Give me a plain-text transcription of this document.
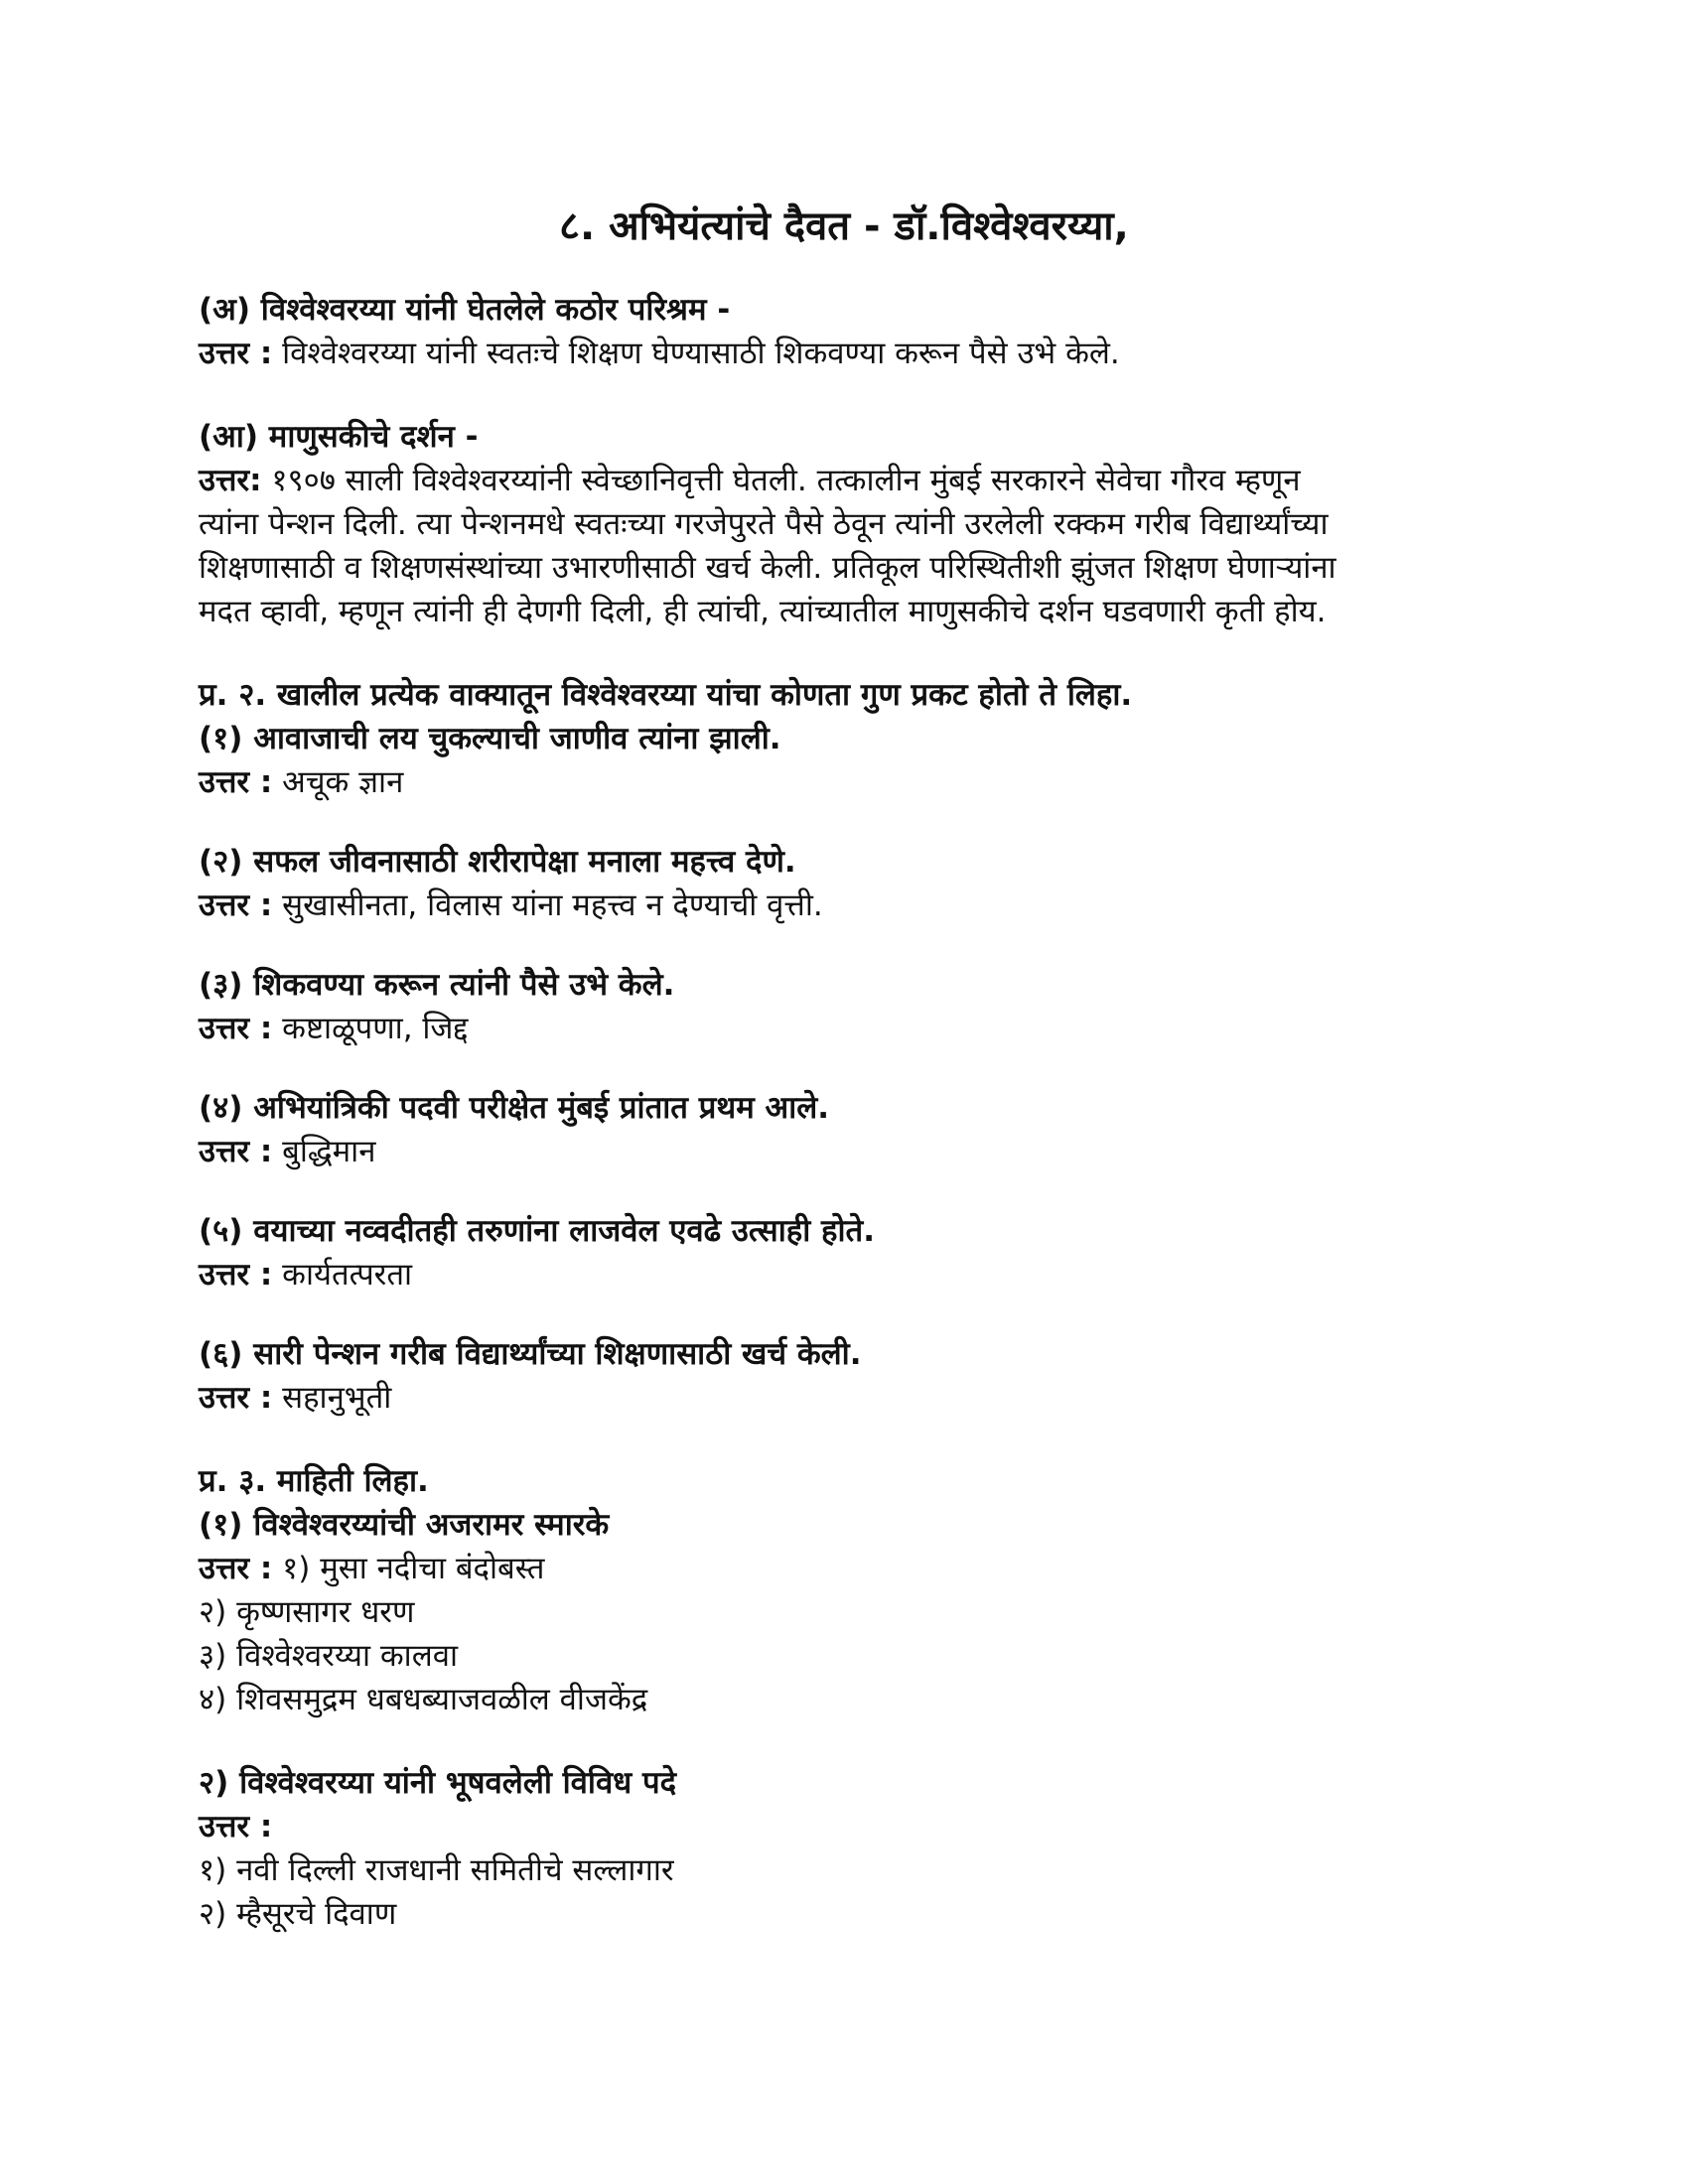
८. अभियंत्यांचे दैवत - डॉ.विश्वेश्वरय्या,
(अ) विश्वेश्वरय्या यांनी घेतलेले कठोर परिश्रम -
उत्तर : विश्वेश्वरय्या यांनी स्वतःचे शिक्षण घेण्यासाठी शिकवण्या करून पैसे उभे केले.
(आ) माणुसकीचे दर्शन -
उत्तर: १९०७ साली विश्वेश्वरय्यांनी स्वेच्छानिवृत्ती घेतली. तत्कालीन मुंबई सरकारने सेवेचा गौरव म्हणून
त्यांना पेन्शन दिली. त्या पेन्शनमधे स्वतःच्या गरजेपुरते पैसे ठेवून त्यांनी उरलेली रक्कम गरीब विद्यार्थ्यांच्या
शिक्षणासाठी व शिक्षणसंस्थांच्या उभारणीसाठी खर्च केली. प्रतिकूल परिस्थितीशी झुंजत शिक्षण घेणाऱ्यांना
मदत व्हावी, म्हणून त्यांनी ही देणगी दिली, ही त्यांची, त्यांच्यातील माणुसकीचे दर्शन घडवणारी कृती होय.
प्र. २. खालील प्रत्येक वाक्यातून विश्वेश्वरय्या यांचा कोणता गुण प्रकट होतो ते लिहा.
(१) आवाजाची लय चुकल्याची जाणीव त्यांना झाली.
उत्तर : अचूक ज्ञान
(२) सफल जीवनासाठी शरीरापेक्षा मनाला महत्त्व देणे.
उत्तर : सुखासीनता, विलास यांना महत्त्व न देण्याची वृत्ती.
(३) शिकवण्या करून त्यांनी पैसे उभे केले.
उत्तर : कष्टाळूपणा, जिद्द
(४) अभियांत्रिकी पदवी परीक्षेत मुंबई प्रांतात प्रथम आले.
उत्तर : बुद्धिमान
(५) वयाच्या नव्वदीतही तरुणांना लाजवेल एवढे उत्साही होते.
उत्तर : कार्यतत्परता
(६) सारी पेन्शन गरीब विद्यार्थ्यांच्या शिक्षणासाठी खर्च केली.
उत्तर : सहानुभूती
प्र. ३. माहिती लिहा.
(१) विश्वेश्वरय्यांची अजरामर स्मारके
उत्तर : १) मुसा नदीचा बंदोबस्त
२) कृष्णसागर धरण
३) विश्वेश्वरय्या कालवा
४) शिवसमुद्रम धबधब्याजवळील वीजकेंद्र
२) विश्वेश्वरय्या यांनी भूषवलेली विविध पदे
उत्तर :
१) नवी दिल्ली राजधानी समितीचे सल्लागार
२) म्हैसूरचे दिवाण
